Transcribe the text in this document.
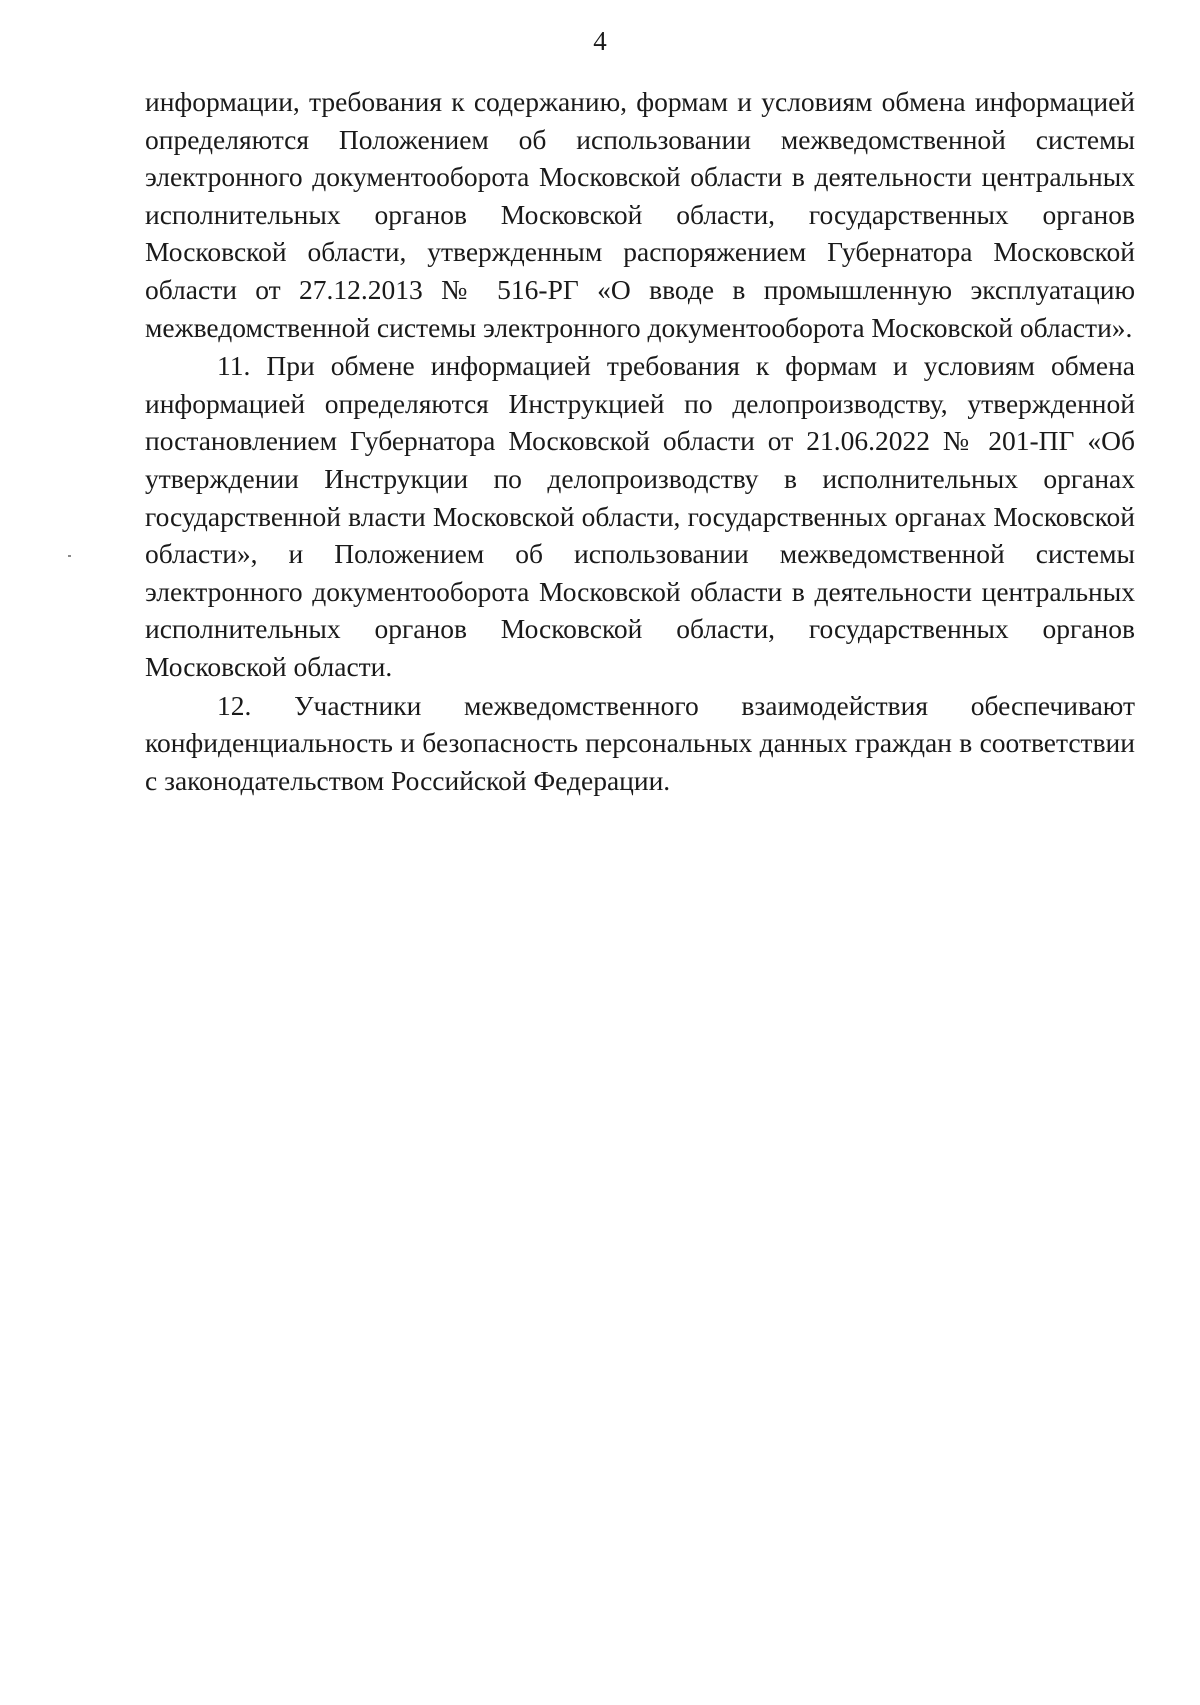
4

информации, требования к содержанию, формам и условиям обмена информацией определяются Положением об использовании межведомственной системы электронного документооборота Московской области в деятельности центральных исполнительных органов Московской области, государственных органов Московской области, утвержденным распоряжением Губернатора Московской области от 27.12.2013 № 516-РГ «О вводе в промышленную эксплуатацию межведомственной системы электронного документооборота Московской области».

11. При обмене информацией требования к формам и условиям обмена информацией определяются Инструкцией по делопроизводству, утвержденной постановлением Губернатора Московской области от 21.06.2022 № 201-ПГ «Об утверждении Инструкции по делопроизводству в исполнительных органах государственной власти Московской области, государственных органах Московской области», и Положением об использовании межведомственной системы электронного документооборота Московской области в деятельности центральных исполнительных органов Московской области, государственных органов Московской области.

12. Участники межведомственного взаимодействия обеспечивают конфиденциальность и безопасность персональных данных граждан в соответствии с законодательством Российской Федерации.
